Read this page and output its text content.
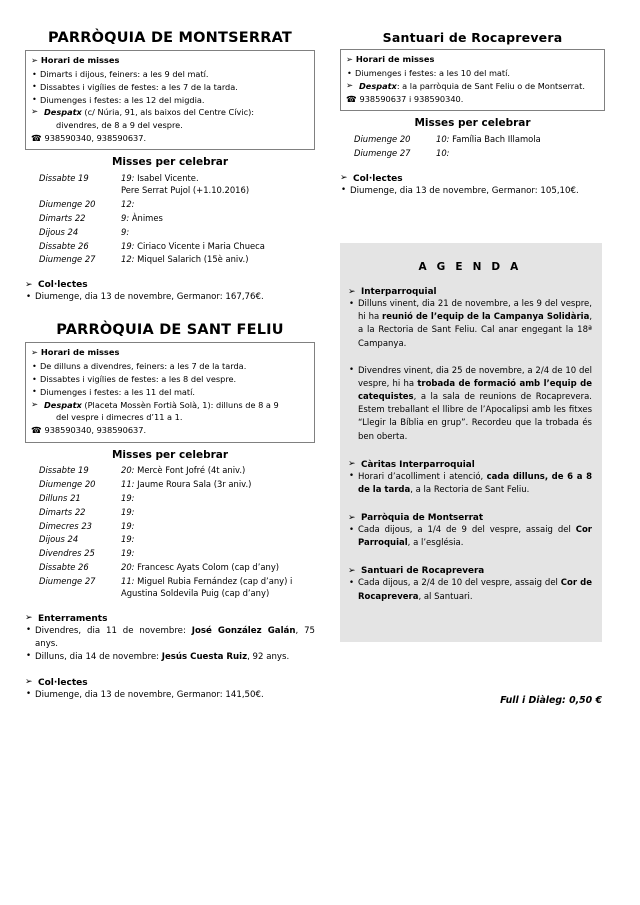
PARRÒQUIA DE MONTSERRAT
➢ Horari de misses
• Dimarts i dijous, feiners: a les 9 del matí.
• Dissabtes i vigílies de festes: a les 7 de la tarda.
• Diumenges i festes: a les 12 del migdia.
➢ Despatx (c/ Núria, 91, als baixos del Centre Cívic):
divendres, de 8 a 9 del vespre.
☎ 938590340, 938590637.
Misses per celebrar
Dissabte 19	19: Isabel Vicente.
Pere Serrat Pujol (+1.10.2016)

Diumenge 20	12:
Dimarts 22	9: Ànimes
Dijous 24	9:
Dissabte 26	19: Ciriaco Vicente i Maria Chueca
Diumenge 27	12: Miquel Salarich (15è aniv.)
➢ Col·lectes
• Diumenge, dia 13 de novembre, Germanor: 167,76€.
PARRÒQUIA DE SANT FELIU
➢ Horari de misses
• De dilluns a divendres, feiners: a les 7 de la tarda.
• Dissabtes i vigílies de festes: a les 8 del vespre.
• Diumenges i festes: a les 11 del matí.
➢ Despatx (Placeta Mossèn Fortià Solà, 1): dilluns de 8 a 9
del vespre i dimecres d’11 a 1.
☎ 938590340, 938590637.
Misses per celebrar
Dissabte 19	20: Mercè Font Jofré (4t aniv.)
Diumenge 20	11: Jaume Roura Sala (3r aniv.)
Dilluns 21	19:
Dimarts 22	19:
Dimecres 23	19:
Dijous 24	19:
Divendres 25	19:
Dissabte 26	20: Francesc Ayats Colom (cap d’any)
Diumenge 27	11: Miguel Rubia Fernández (cap d’any) i
Agustina Soldevila Puig (cap d’any)
➢ Enterraments
• Divendres, dia 11 de novembre: José González Galán, 75 anys.
• Dilluns, dia 14 de novembre: Jesús Cuesta Ruiz, 92 anys.
➢ Col·lectes
• Diumenge, dia 13 de novembre, Germanor: 141,50€.
Santuari de Rocaprevera
➢ Horari de misses
• Diumenges i festes: a les 10 del matí.
➢ Despatx: a la parròquia de Sant Feliu o de Montserrat.
☎ 938590637 i 938590340.
Misses per celebrar
Diumenge 20	10: Família Bach Illamola
Diumenge 27	10:
➢ Col·lectes
• Diumenge, dia 13 de novembre, Germanor: 105,10€.
A G E N D A
➢ Interparroquial
• Dilluns vinent, dia 21 de novembre, a les 9 del vespre, hi ha reunió de l’equip de la Campanya Solidària, a la Rectoria de Sant Feliu. Cal anar engegant la 18ª Campanya.
• Divendres vinent, dia 25 de novembre, a 2/4 de 10 del vespre, hi ha trobada de formació amb l’equip de catequistes, a la sala de reunions de Rocaprevera. Estem treballant el llibre de l’Apocalipsi amb les fitxes “Llegir la Bíblia en grup”. Recordeu que la trobada és ben oberta.
➢ Càritas Interparroquial
• Horari d’acolliment i atenció, cada dilluns, de 6 a 8 de la tarda, a la Rectoria de Sant Feliu.
➢ Parròquia de Montserrat
• Cada dijous, a 1/4 de 9 del vespre, assaig del Cor Parroquial, a l’església.
➢ Santuari de Rocaprevera
• Cada dijous, a 2/4 de 10 del vespre, assaig del Cor de Rocaprevera, al Santuari.
Full i Diàleg: 0,50 €
